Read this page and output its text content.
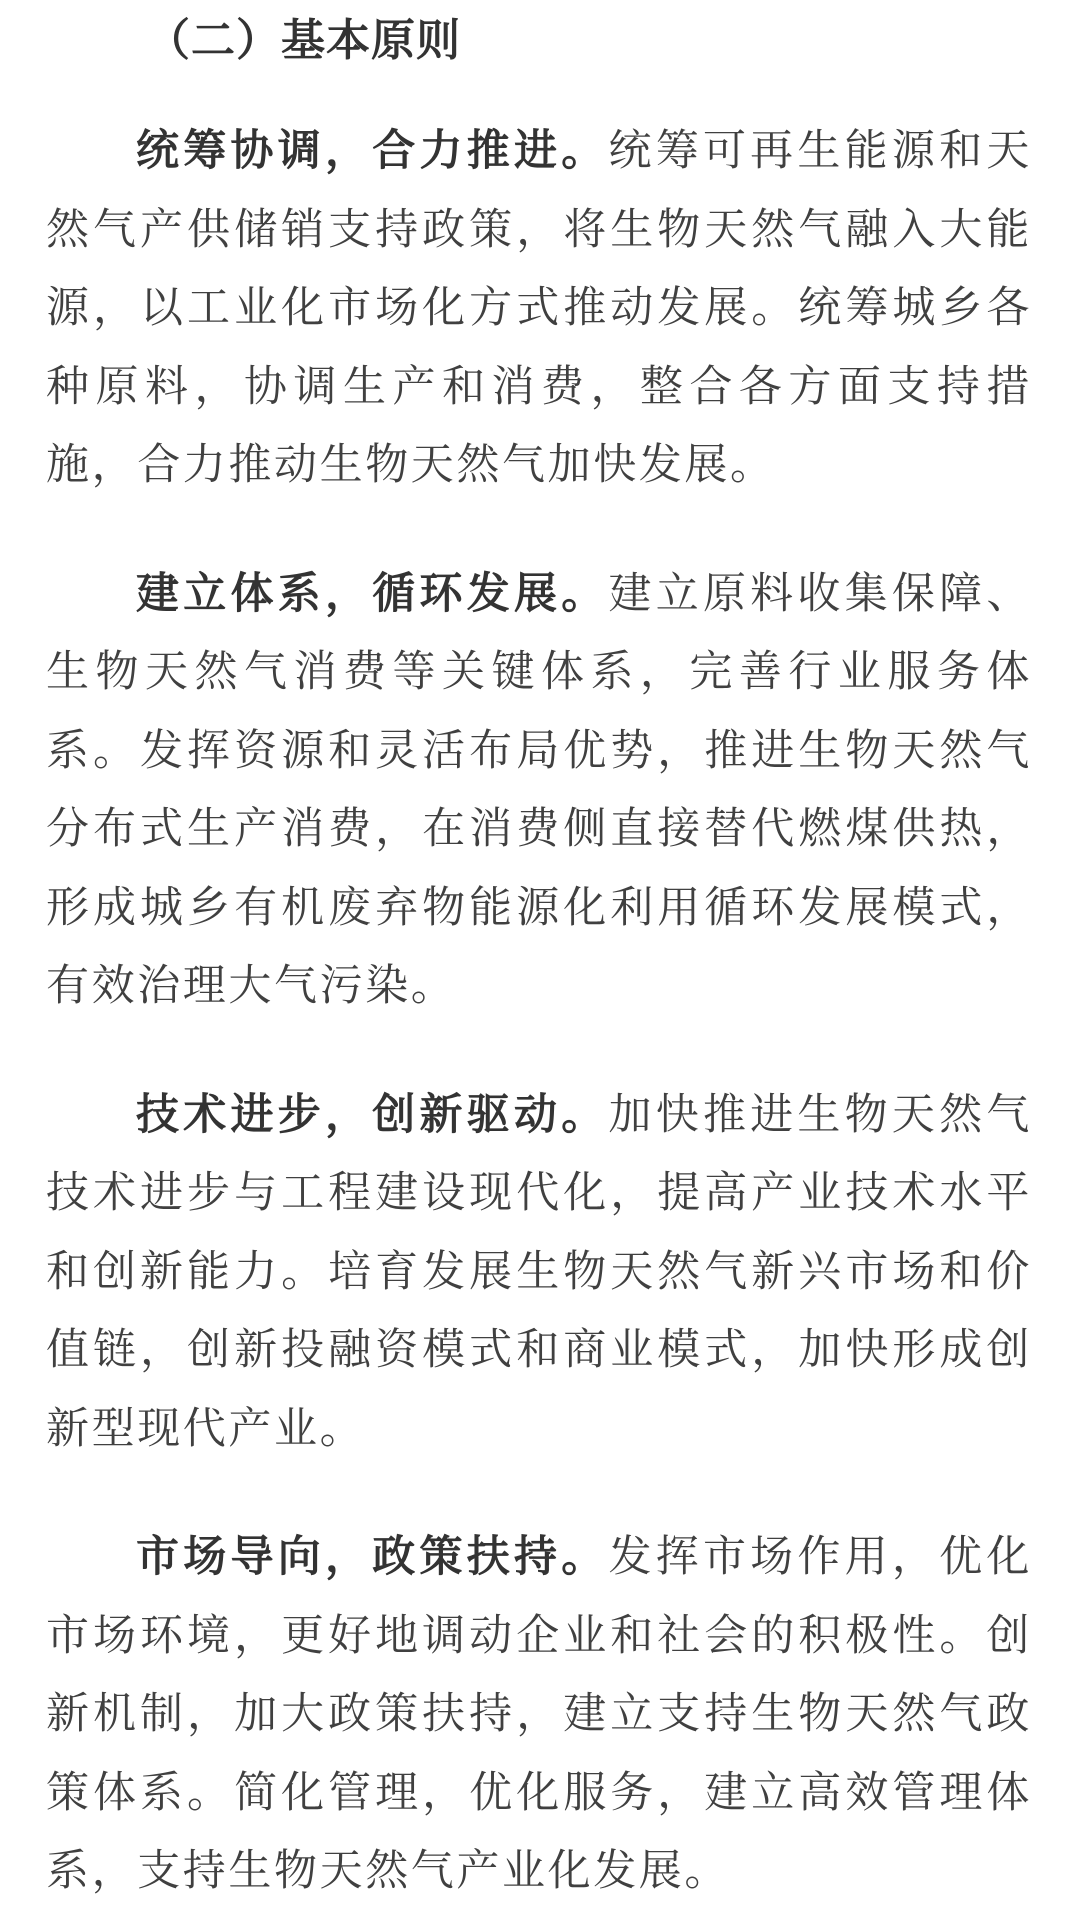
（二）基本原则

统筹协调，合力推进。统筹可再生能源和天然气产供储销支持政策，将生物天然气融入大能源，以工业化市场化方式推动发展。统筹城乡各种原料，协调生产和消费，整合各方面支持措施，合力推动生物天然气加快发展。

建立体系，循环发展。建立原料收集保障、生物天然气消费等关键体系，完善行业服务体系。发挥资源和灵活布局优势，推进生物天然气分布式生产消费，在消费侧直接替代燃煤供热，形成城乡有机废弃物能源化利用循环发展模式，有效治理大气污染。

技术进步，创新驱动。加快推进生物天然气技术进步与工程建设现代化，提高产业技术水平和创新能力。培育发展生物天然气新兴市场和价值链，创新投融资模式和商业模式，加快形成创新型现代产业。

市场导向，政策扶持。发挥市场作用，优化市场环境，更好地调动企业和社会的积极性。创新机制，加大政策扶持，建立支持生物天然气政策体系。简化管理，优化服务，建立高效管理体系，支持生物天然气产业化发展。
